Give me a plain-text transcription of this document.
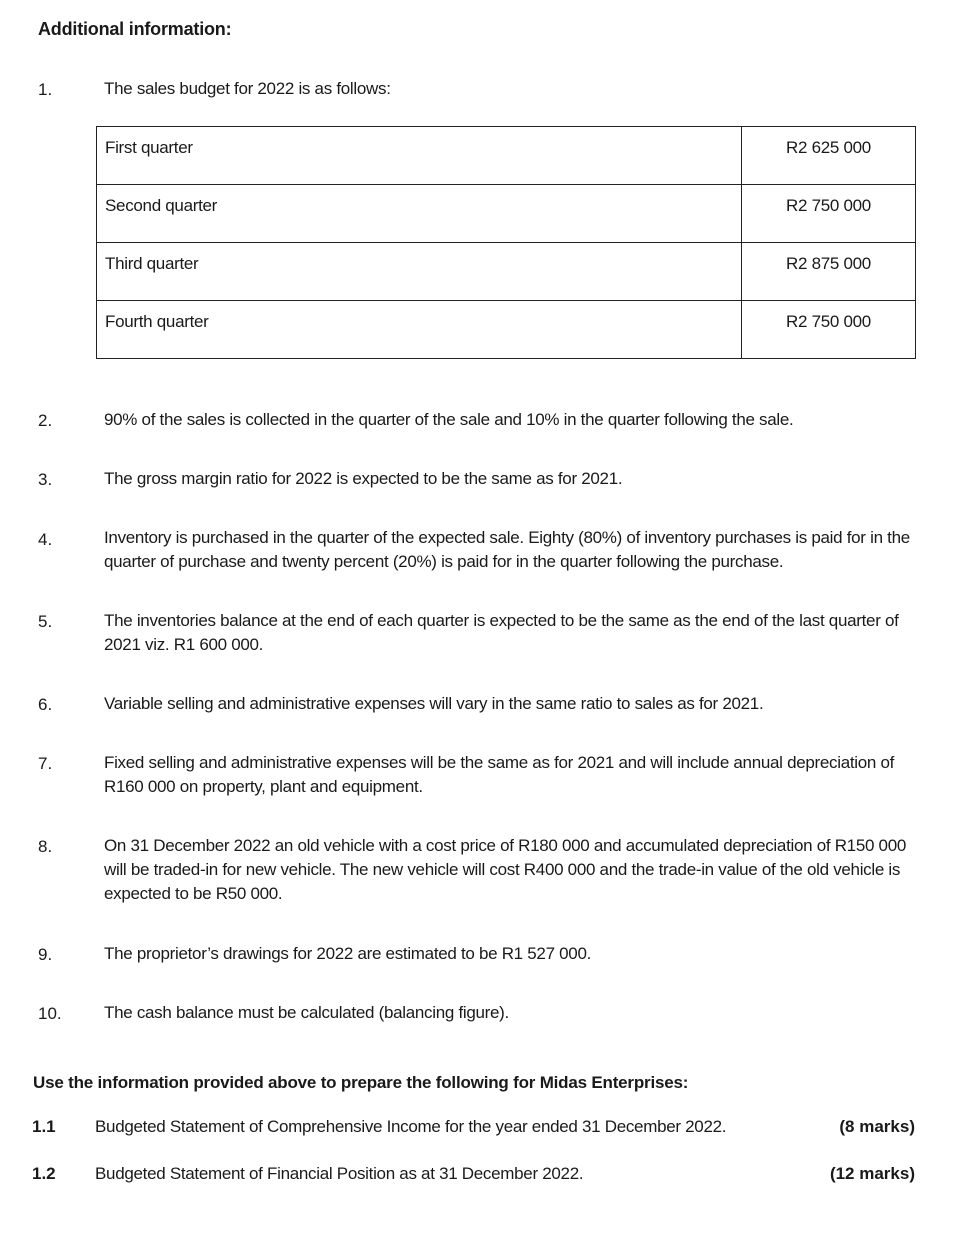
Additional information:
1.	The sales budget for 2022 is as follows:
First quarter	R2 625 000
Second quarter	R2 750 000
Third quarter	R2 875 000
Fourth quarter	R2 750 000
2.	90% of the sales is collected in the quarter of the sale and 10% in the quarter following the sale.
3.	The gross margin ratio for 2022 is expected to be the same as for 2021.
4.	Inventory is purchased in the quarter of the expected sale. Eighty (80%) of inventory purchases is paid for in the quarter of purchase and twenty percent (20%) is paid for in the quarter following the purchase.
5.	The inventories balance at the end of each quarter is expected to be the same as the end of the last quarter of 2021 viz. R1 600 000.
6.	Variable selling and administrative expenses will vary in the same ratio to sales as for 2021.
7.	Fixed selling and administrative expenses will be the same as for 2021 and will include annual depreciation of R160 000 on property, plant and equipment.
8.	On 31 December 2022 an old vehicle with a cost price of R180 000 and accumulated depreciation of R150 000 will be traded-in for new vehicle. The new vehicle will cost R400 000 and the trade-in value of the old vehicle is expected to be R50 000.
9.	The proprietor’s drawings for 2022 are estimated to be R1 527 000.
10.	The cash balance must be calculated (balancing figure).
Use the information provided above to prepare the following for Midas Enterprises:
1.1 Budgeted Statement of Comprehensive Income for the year ended 31 December 2022.	(8 marks)
1.2 Budgeted Statement of Financial Position as at 31 December 2022.	(12 marks)
